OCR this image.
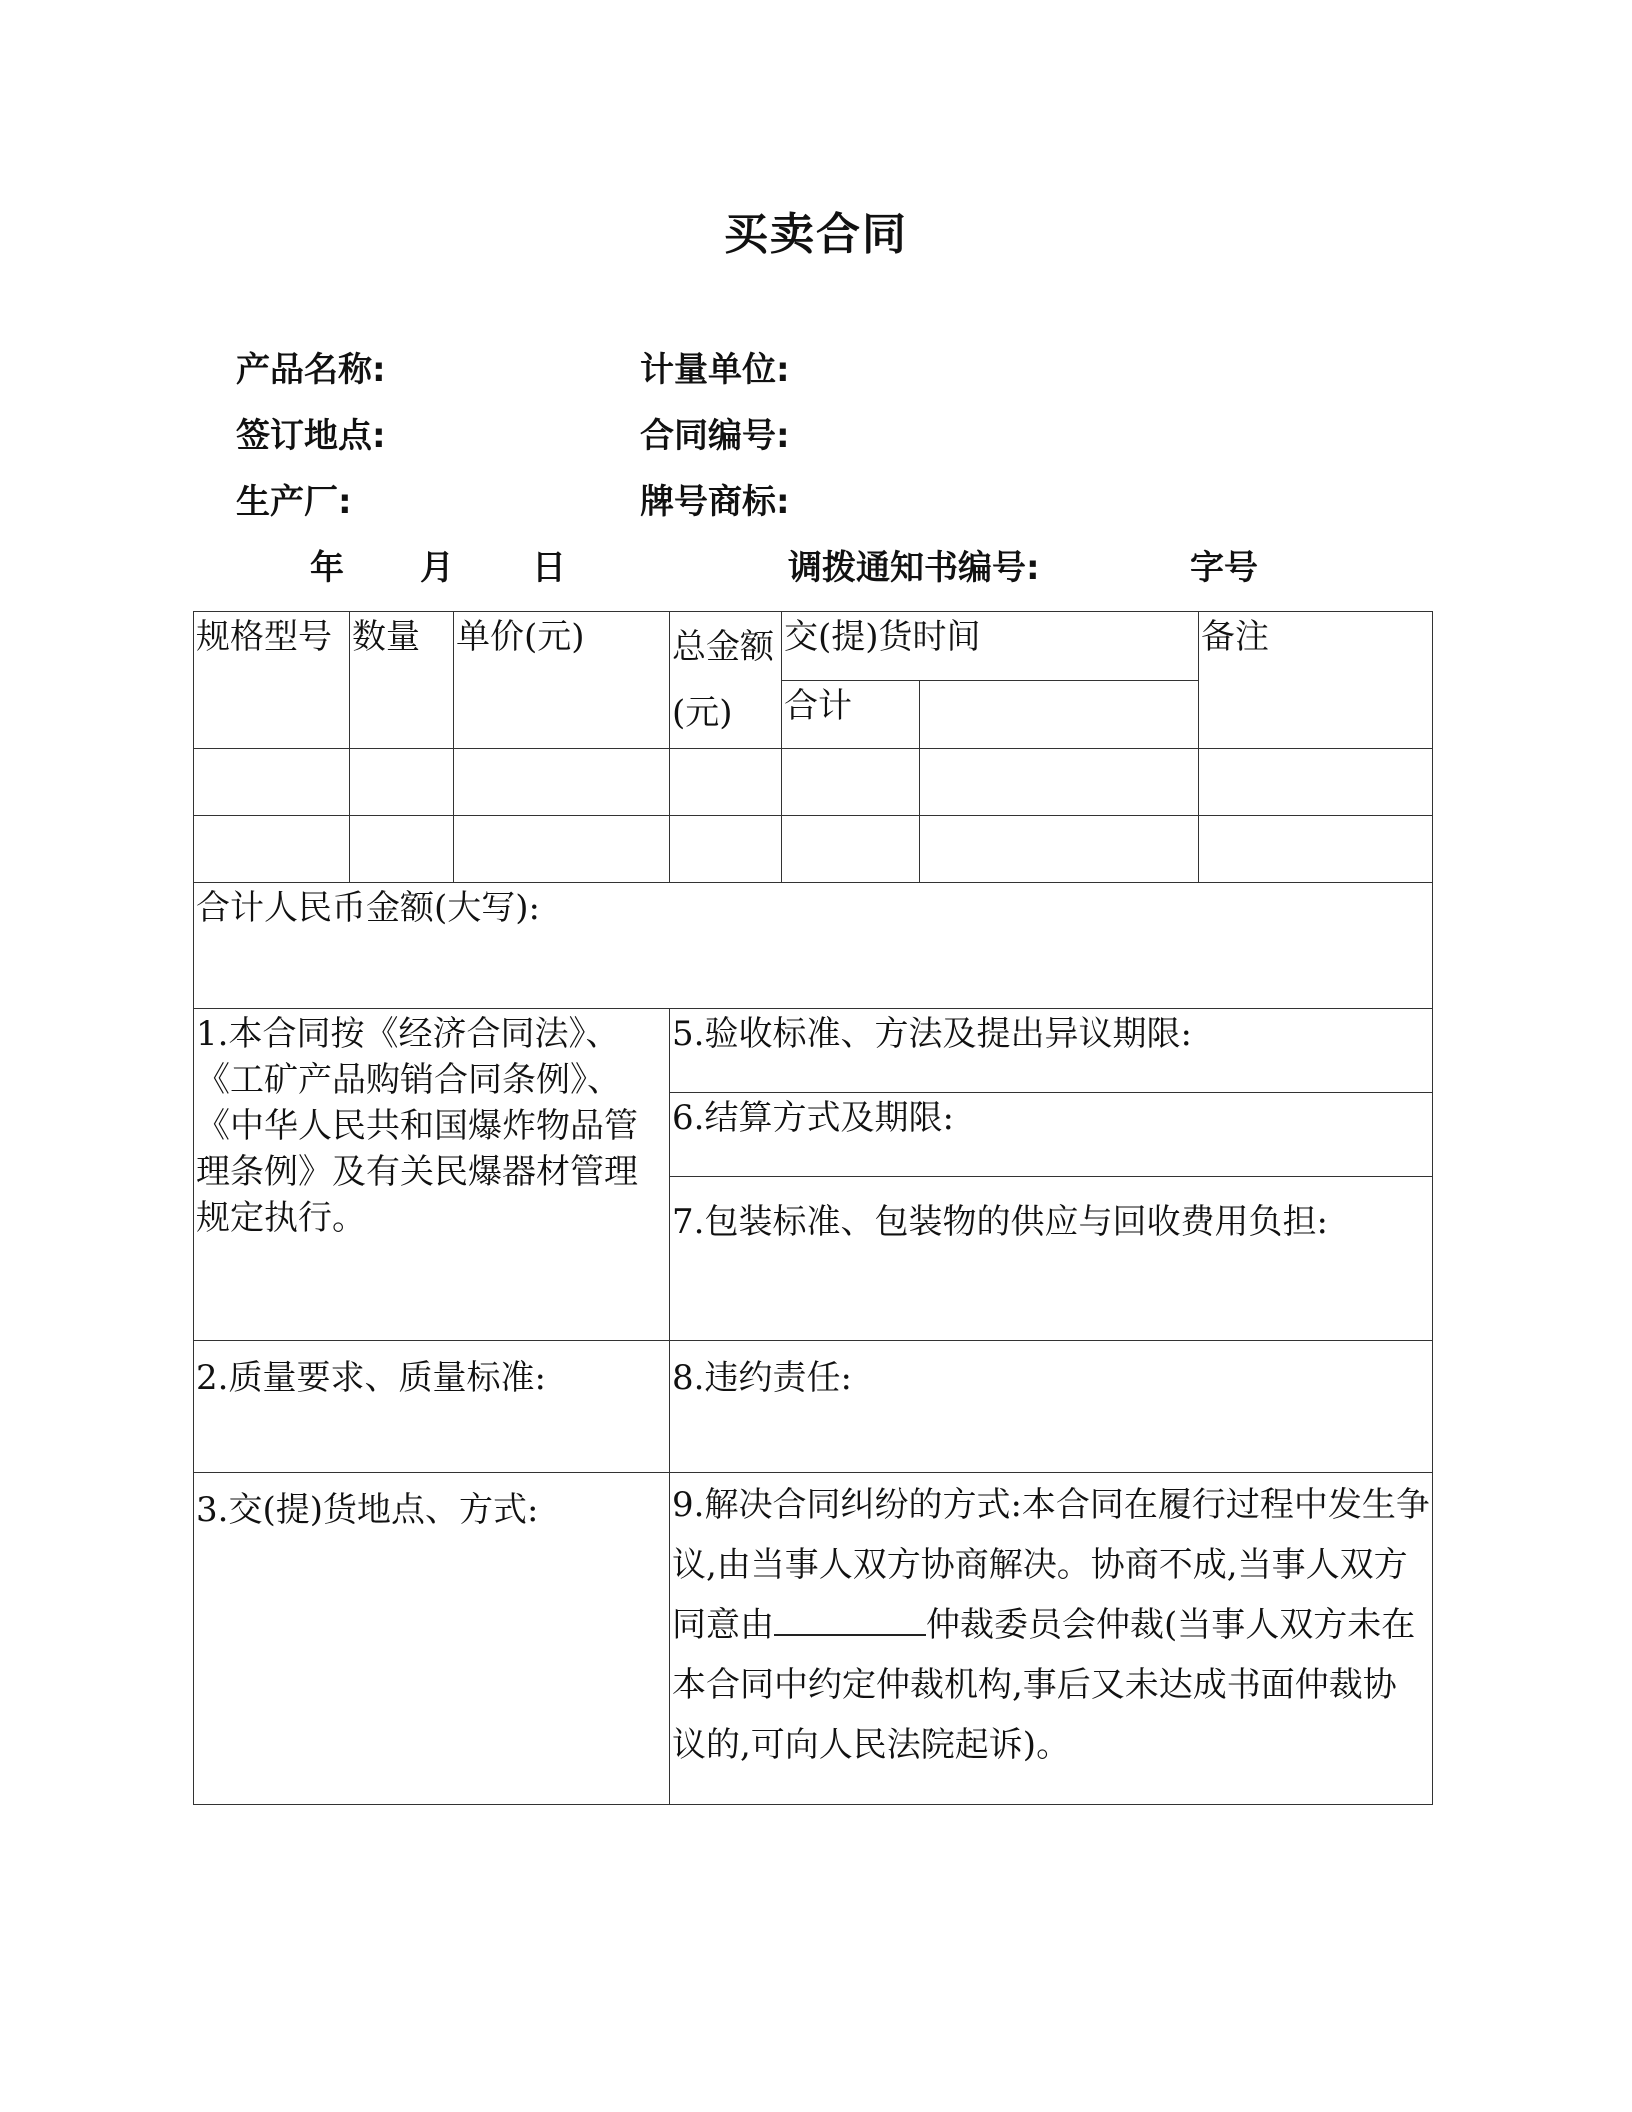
买卖合同
产品名称:	计量单位:
签订地点:	合同编号:
生产厂:	牌号商标:
年 月 日	调拨通知书编号:	字号
规格型号	数量	单价(元)	总金额(元)	交(提)货时间		备注
				合计		

合计人民币金额(大写):						
1.本合同按《经济合同法》、《工矿产品购销合同条例》、《中华人民共和国爆炸物品管理条例》及有关民爆器材管理规定执行。			5.验收标准、方法及提出异议期限:			
			6.结算方式及期限:			
			7.包装标准、包装物的供应与回收费用负担:			
2.质量要求、质量标准:			8.违约责任:			
3.交(提)货地点、方式:			9.解决合同纠纷的方式:本合同在履行过程中发生争议,由当事人双方协商解决。协商不成,当事人双方同意由 仲裁委员会仲裁(当事人双方未在本合同中约定仲裁机构,事后又未达成书面仲裁协议的,可向人民法院起诉)。			
